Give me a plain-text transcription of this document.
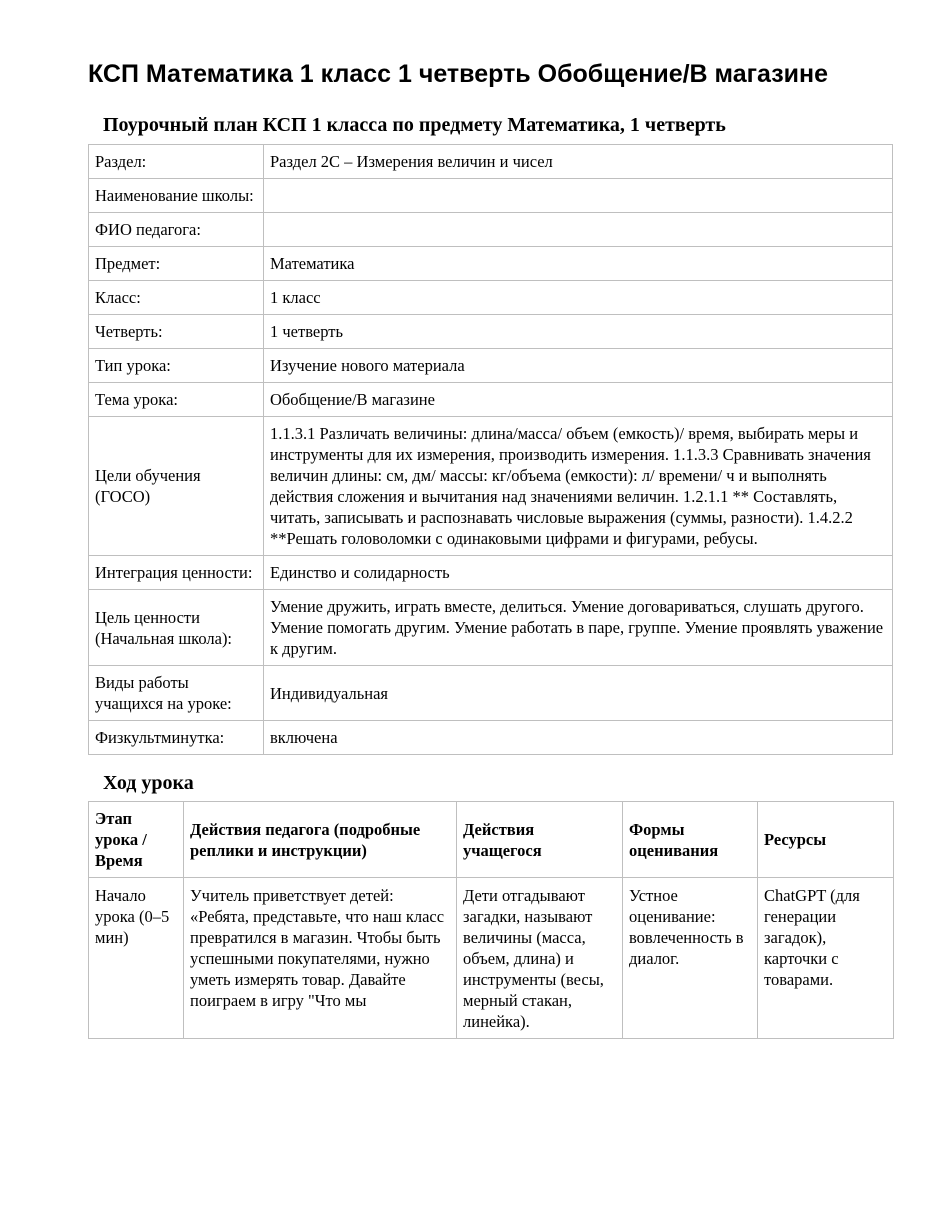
КСП Математика 1 класс 1 четверть Обобщение/В магазине
Поурочный план КСП 1 класса по предмету Математика, 1 четверть
Раздел:	Раздел 2С – Измерения величин и чисел
Наименование школы:	
ФИО педагога:	
Предмет:	Математика
Класс:	1 класс
Четверть:	1 четверть
Тип урока:	Изучение нового материала
Тема урока:	Обобщение/В магазине
Цели обучения (ГОСО)	1.1.3.1 Различать величины: длина/масса/ объем (емкость)/ время, выбирать меры и инструменты для их измерения, производить измерения. 1.1.3.3 Сравнивать значения величин длины: см, дм/ массы: кг/объема (емкости): л/ времени/ ч и выполнять действия сложения и вычитания над значениями величин. 1.2.1.1 ** Составлять, читать, записывать и распознавать числовые выражения (суммы, разности). 1.4.2.2 **Решать головоломки с одинаковыми цифрами и фигурами, ребусы.
Интеграция ценности:	Единство и солидарность
Цель ценности (Начальная школа):	Умение дружить, играть вместе, делиться. Умение договариваться, слушать другого. Умение помогать другим. Умение работать в паре, группе. Умение проявлять уважение к другим.
Виды работы учащихся на уроке:	Индивидуальная
Физкультминутка:	включена
Ход урока
Этап урока / Время	Действия педагога (подробные реплики и инструкции)	Действия учащегося	Формы оценивания	Ресурсы
Начало урока (0–5 мин)	Учитель приветствует детей: «Ребята, представьте, что наш класс превратился в магазин. Чтобы быть успешными покупателями, нужно уметь измерять товар. Давайте поиграем в игру "Что мы	Дети отгадывают загадки, называют величины (масса, объем, длина) и инструменты (весы, мерный стакан, линейка).	Устное оценивание: вовлеченность в диалог.	ChatGPT (для генерации загадок), карточки с товарами.
